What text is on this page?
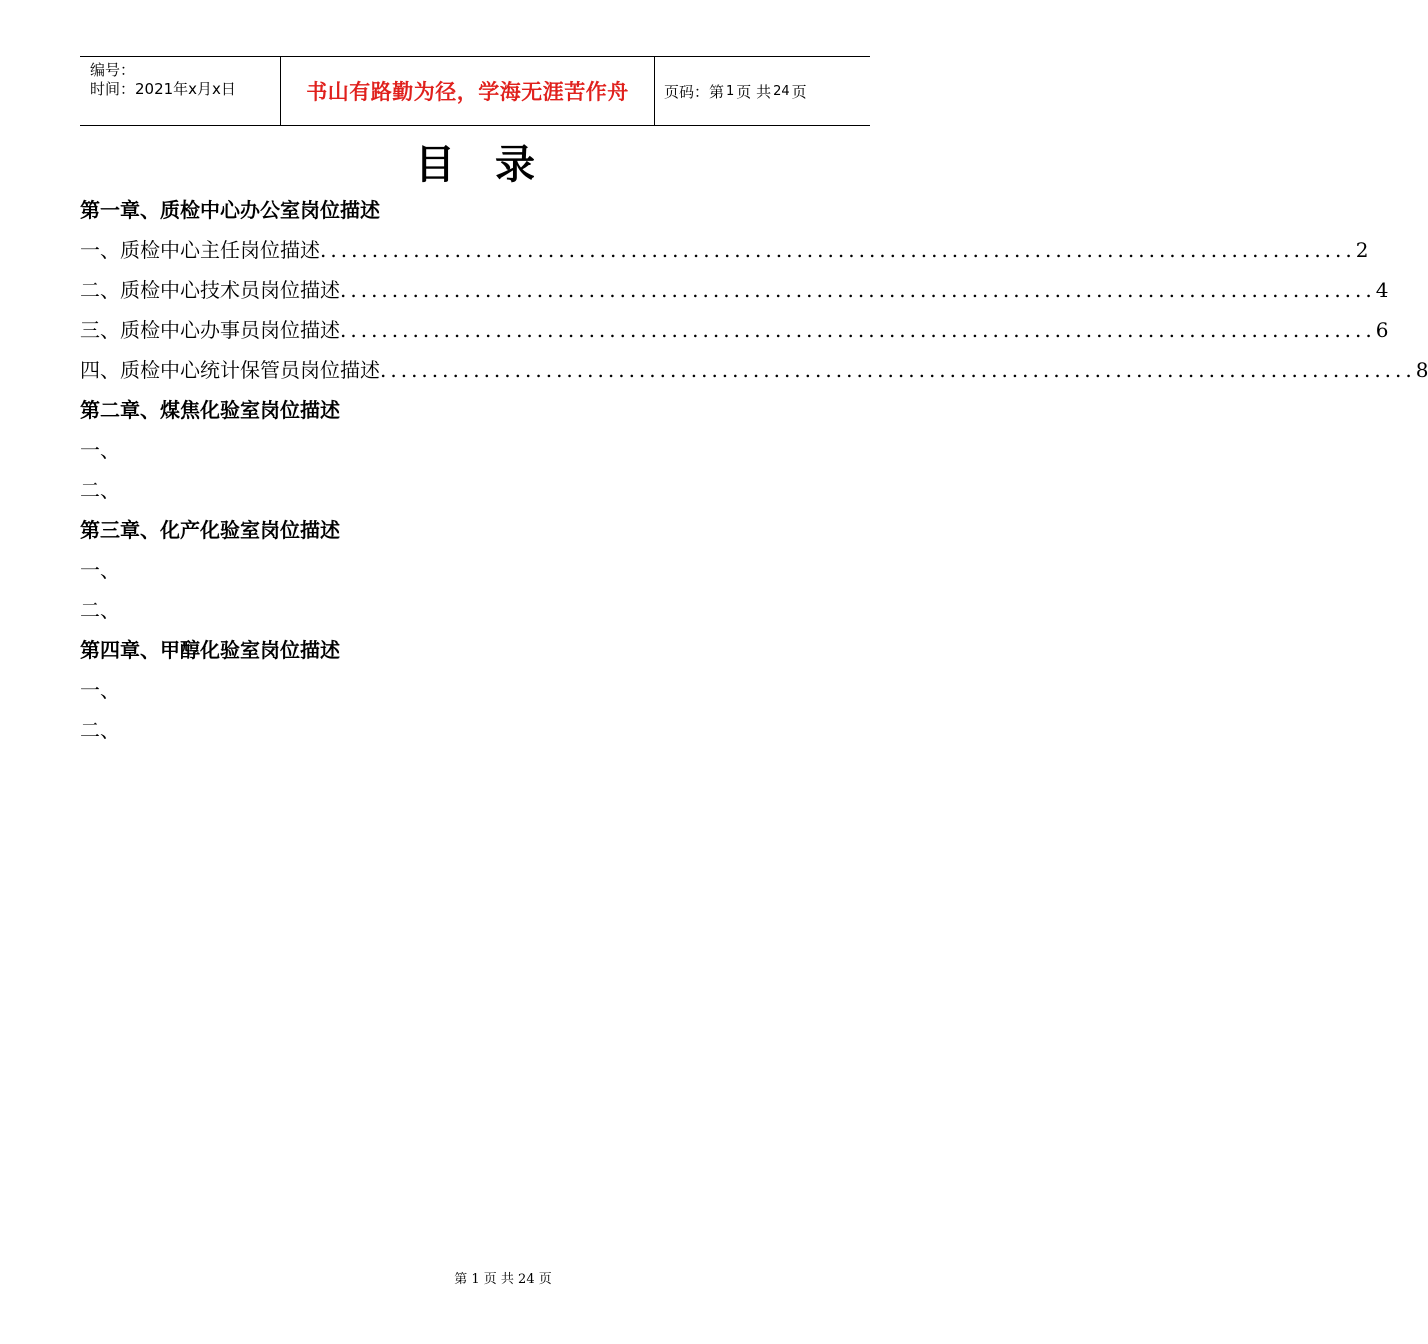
编号：
时间：2021年x月x日	书山有路勤为径，学海无涯苦作舟	页码：第 1 页 共 24 页
目录
第一章、质检中心办公室岗位描述
一、质检中心主任岗位描述 .................................................................................................... 2
二、质检中心技术员岗位描述 .................................................................................................... 4
三、质检中心办事员岗位描述 .................................................................................................... 6
四、质检中心统计保管员岗位描述 .................................................................................................... 8
第二章、煤焦化验室岗位描述
一、
二、
第三章、化产化验室岗位描述
一、
二、
第四章、甲醇化验室岗位描述
一、
二、
第 1 页 共 24 页
